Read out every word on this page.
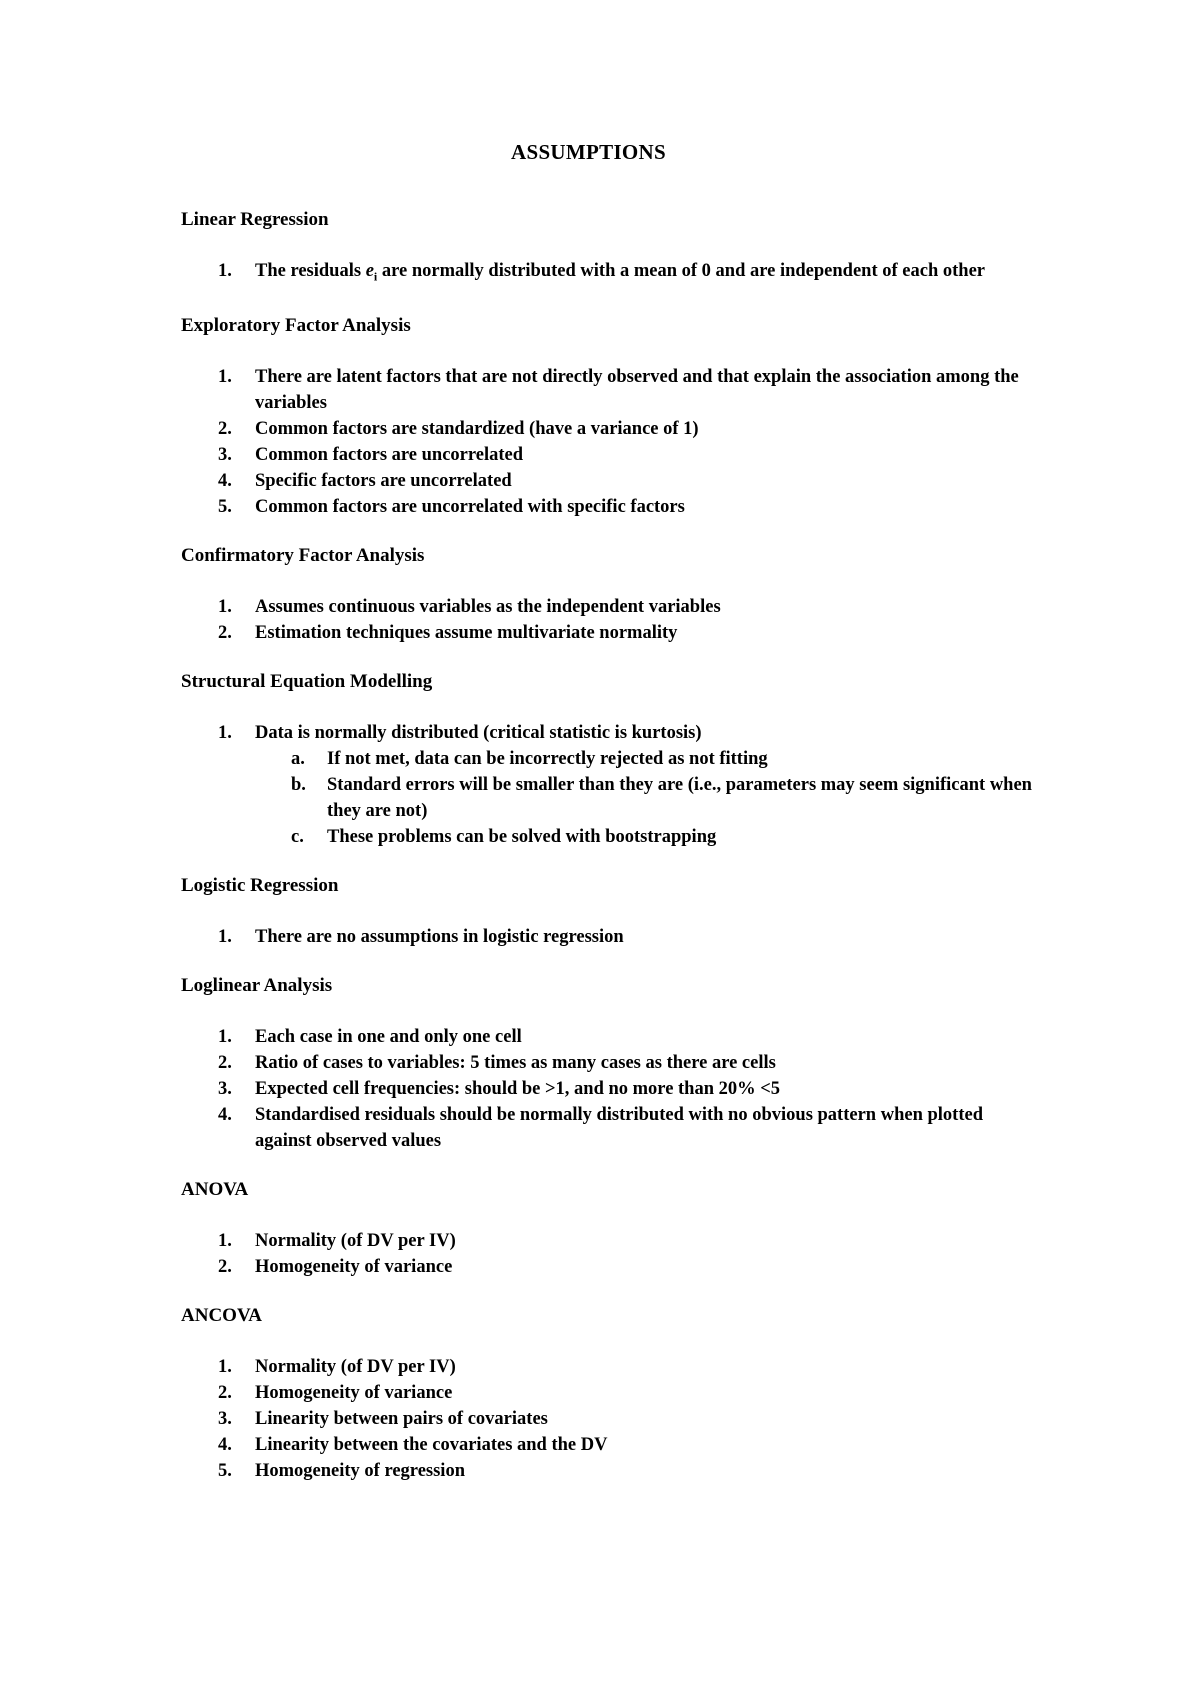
ASSUMPTIONS
Linear Regression
1.	The residuals $e_i$ are normally distributed with a mean of 0 and are independent of each other
Exploratory Factor Analysis
1.	There are latent factors that are not directly observed and that explain the association among the variables
2.	Common factors are standardized (have a variance of 1)
3.	Common factors are uncorrelated
4.	Specific factors are uncorrelated
5.	Common factors are uncorrelated with specific factors
Confirmatory Factor Analysis
1.	Assumes continuous variables as the independent variables
2.	Estimation techniques assume multivariate normality
Structural Equation Modelling
1.	Data is normally distributed (critical statistic is kurtosis)
a.	If not met, data can be incorrectly rejected as not fitting
b.	Standard errors will be smaller than they are (i.e., parameters may seem significant when they are not)
c.	These problems can be solved with bootstrapping
Logistic Regression
1.	There are no assumptions in logistic regression
Loglinear Analysis
1.	Each case in one and only one cell
2.	Ratio of cases to variables: 5 times as many cases as there are cells
3.	Expected cell frequencies: should be >1, and no more than 20% <5
4.	Standardised residuals should be normally distributed with no obvious pattern when plotted against observed values
ANOVA
1.	Normality (of DV per IV)
2.	Homogeneity of variance
ANCOVA
1.	Normality (of DV per IV)
2.	Homogeneity of variance
3.	Linearity between pairs of covariates
4.	Linearity between the covariates and the DV
5.	Homogeneity of regression
